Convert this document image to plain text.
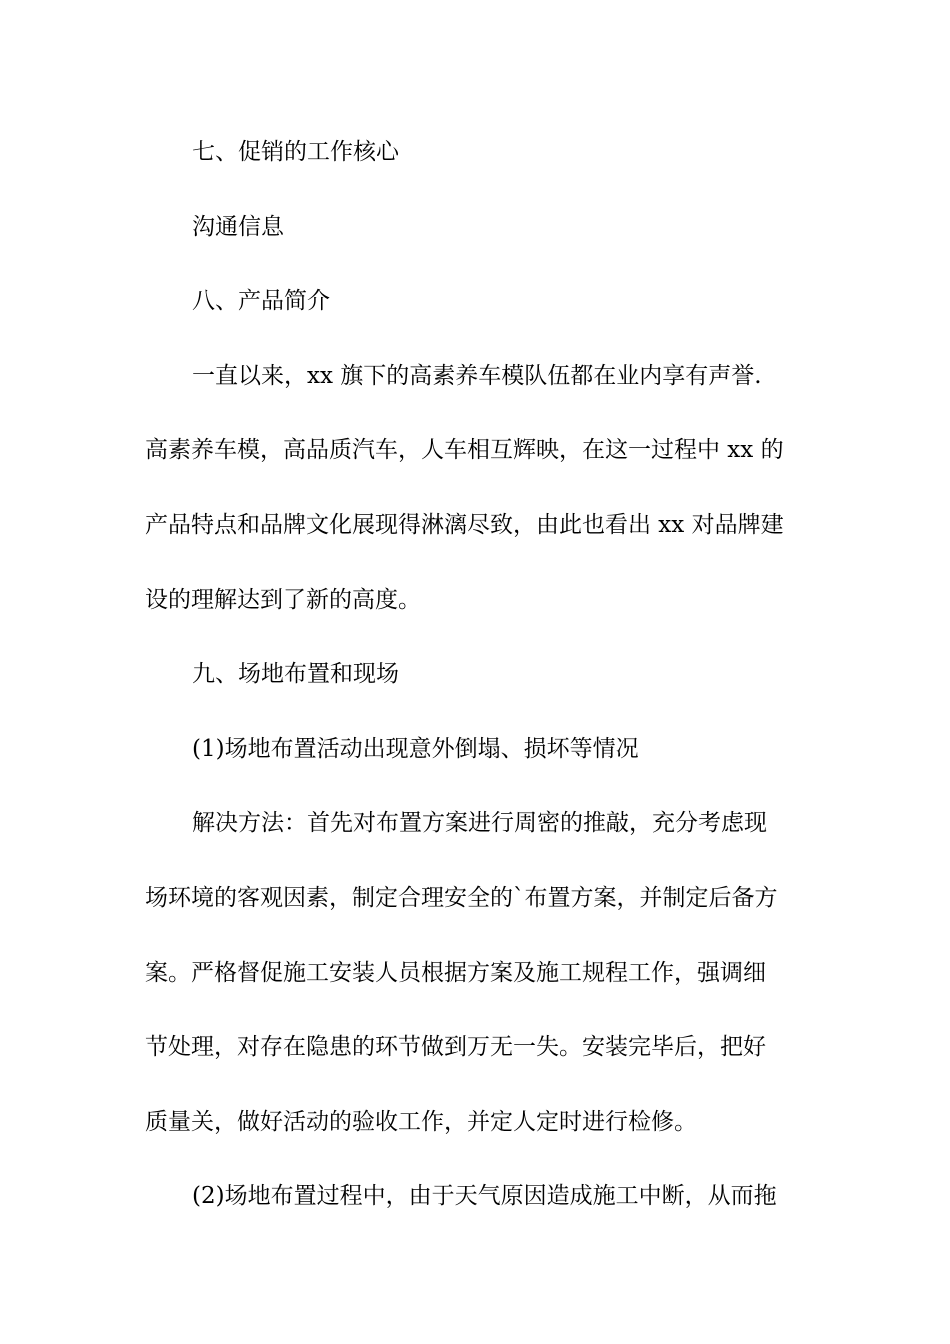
七、促销的工作核心
沟通信息
八、产品简介
一直以来，xx 旗下的高素养车模队伍都在业内享有声誉.
高素养车模，高品质汽车，人车相互辉映，在这一过程中 xx 的
产品特点和品牌文化展现得淋漓尽致，由此也看出 xx 对品牌建
设的理解达到了新的高度。
九、场地布置和现场
(1)场地布置活动出现意外倒塌、损坏等情况
解决方法：首先对布置方案进行周密的推敲，充分考虑现
场环境的客观因素，制定合理安全的`布置方案，并制定后备方
案。严格督促施工安装人员根据方案及施工规程工作，强调细
节处理，对存在隐患的环节做到万无一失。安装完毕后，把好
质量关，做好活动的验收工作，并定人定时进行检修。
(2)场地布置过程中，由于天气原因造成施工中断，从而拖
